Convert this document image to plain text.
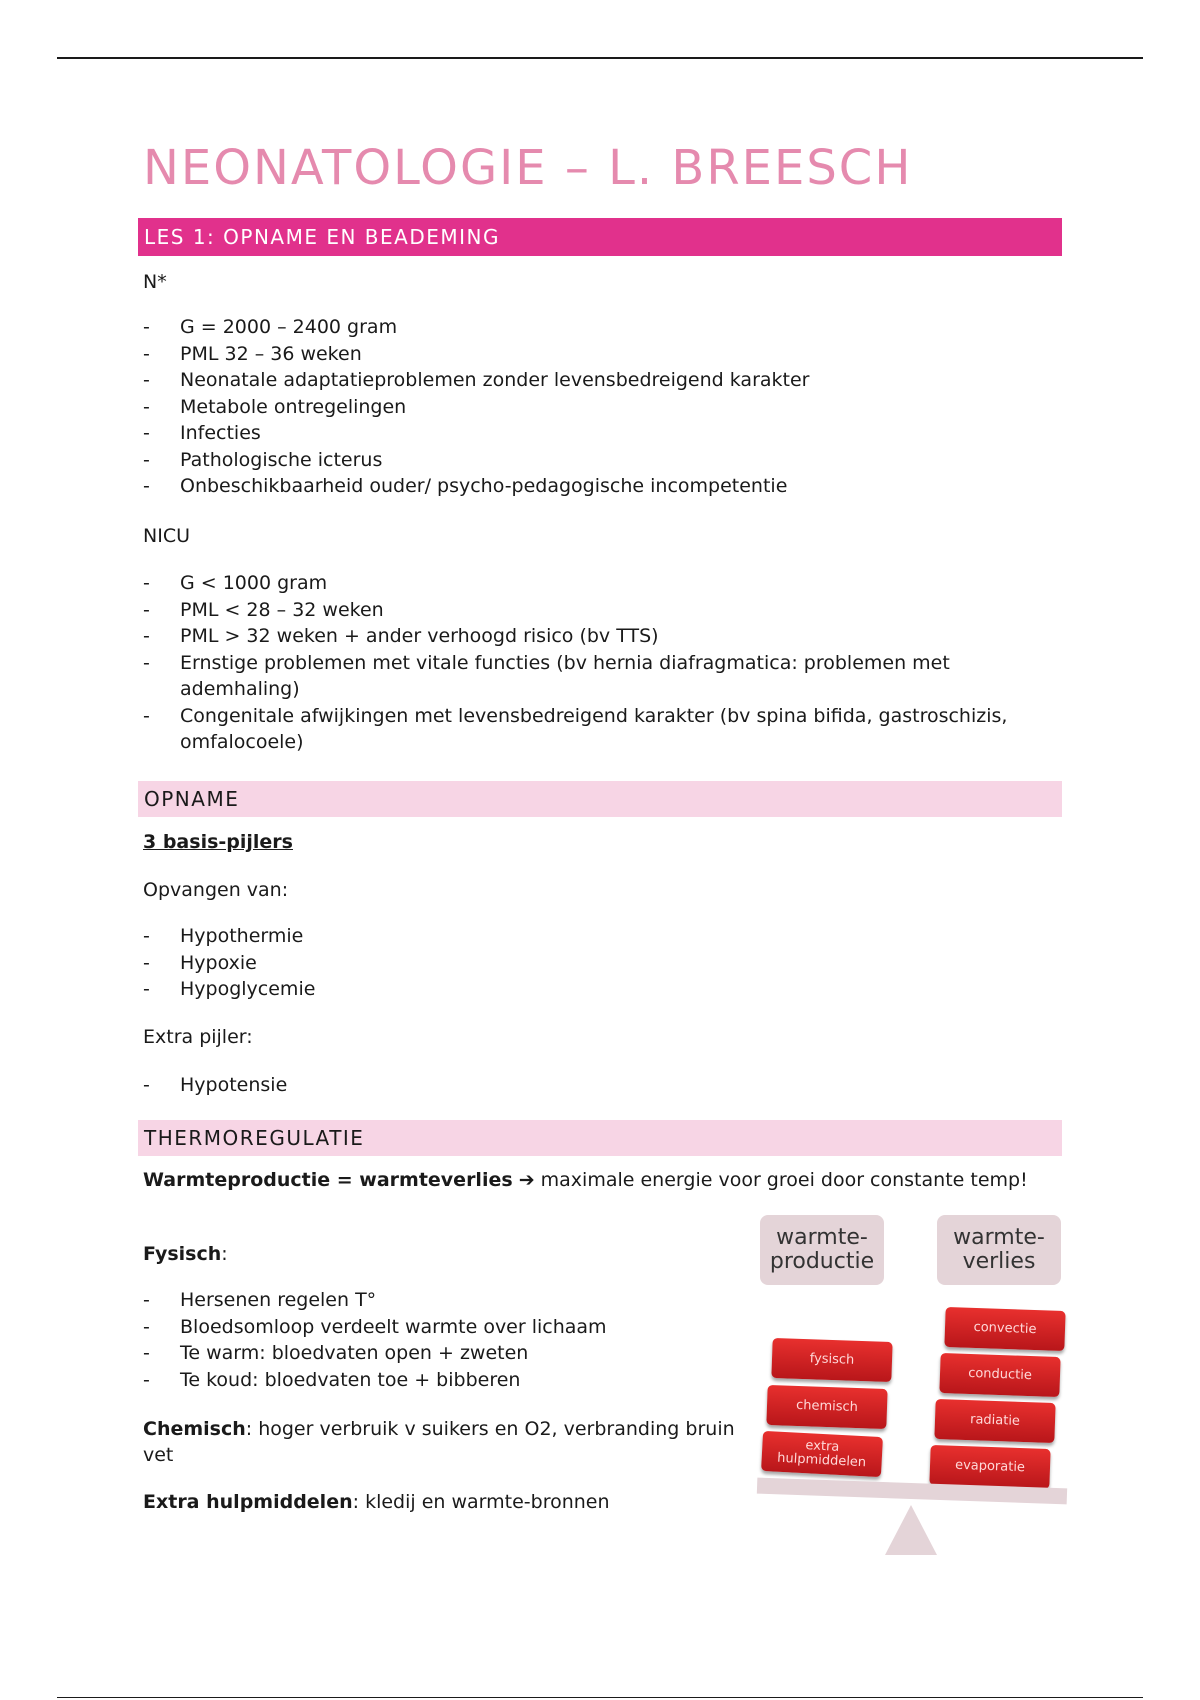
NEONATOLOGIE – L. BREESCH
LES 1: OPNAME EN BEADEMING

N*

- G = 2000 – 2400 gram
- PML 32 – 36 weken
- Neonatale adaptatieproblemen zonder levensbedreigend karakter
- Metabole ontregelingen
- Infecties
- Pathologische icterus
- Onbeschikbaarheid ouder/ psycho-pedagogische incompetentie

NICU

- G < 1000 gram
- PML < 28 – 32 weken
- PML > 32 weken + ander verhoogd risico (bv TTS)
- Ernstige problemen met vitale functies (bv hernia diafragmatica: problemen met ademhaling)
- Congenitale afwijkingen met levensbedreigend karakter (bv spina bifida, gastroschizis, omfalocoele)
OPNAME

3 basis-pijlers

Opvangen van:

- Hypothermie
- Hypoxie
- Hypoglycemie

Extra pijler:

- Hypotensie
THERMOREGULATIE

Warmteproductie = warmteverlies ➔ maximale energie voor groei door constante temp!

Fysisch:

- Hersenen regelen T°
- Bloedsomloop verdeelt warmte over lichaam
- Te warm: bloedvaten open + zweten
- Te koud: bloedvaten toe + bibberen

Chemisch: hoger verbruik v suikers en O2, verbranding bruin vet

Extra hulpmiddelen: kledij en warmte-bronnen

warmte-
productie
warmte-
verlies
fysisch
chemisch
extra hulpmiddelen
convectie
conductie
radiatie
evaporatie
